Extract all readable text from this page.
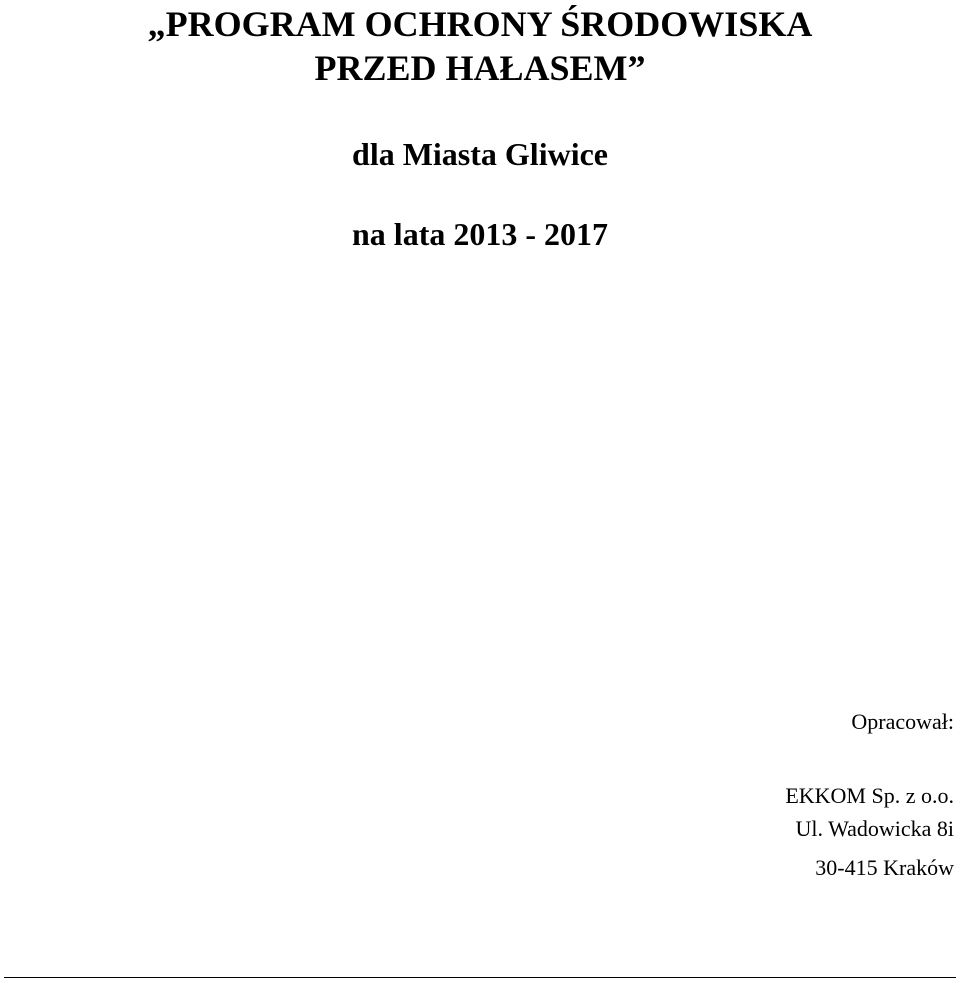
„PROGRAM OCHRONY ŚRODOWISKA
PRZED HAŁASEM”
dla Miasta Gliwice
na lata 2013 - 2017
Opracował:
EKKOM Sp. z o.o.
Ul. Wadowicka 8i
30-415 Kraków
